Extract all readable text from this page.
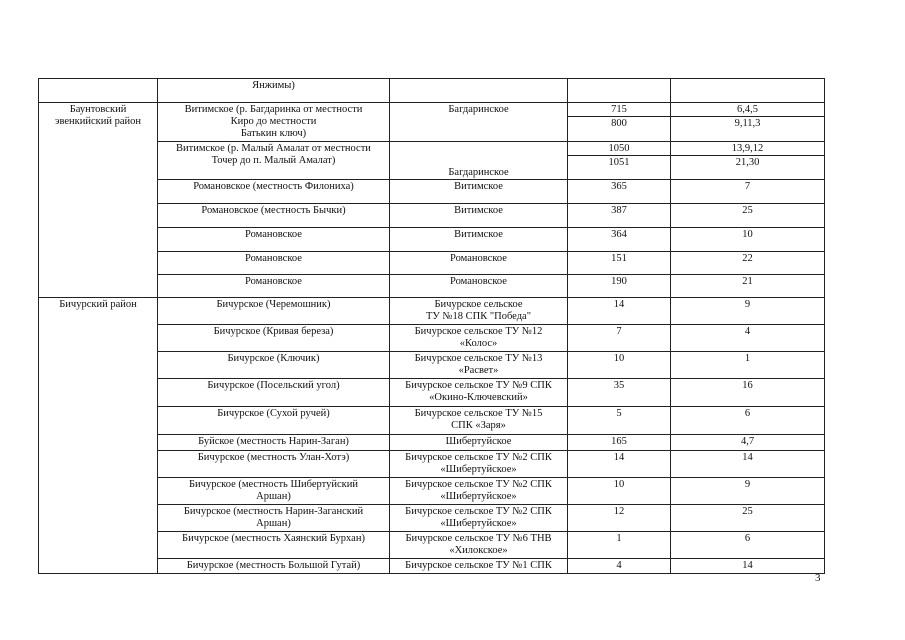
	Янжимы)			
Баунтовский
эвенкийский район	Витимское (р. Багдаринка от местности
Киро до местности
Батькин ключ)	Багдаринское	715	6,4,5
			800	9,11,3
	Витимское (р. Малый Амалат от местности
Точер до п. Малый Амалат)	Багдаринское	1050	13,9,12
			1051	21,30
	Романовское (местность Филониха)	Витимское	365	7
	Романовское (местность Бычки)	Витимское	387	25
	Романовское	Витимское	364	10
	Романовское	Романовское	151	22
	Романовское	Романовское	190	21
Бичурский район	Бичурское (Черемошник)	Бичурское сельское
ТУ №18 СПК "Победа"	14	9
	Бичурское (Кривая береза)	Бичурское сельское ТУ №12
«Колос»	7	4
	Бичурское (Ключик)	Бичурское сельское ТУ №13
«Расвет»	10	1
	Бичурское (Посельский угол)	Бичурское сельское ТУ №9 СПК
«Окино-Ключевский»	35	16
	Бичурское (Сухой ручей)	Бичурское сельское ТУ №15
СПК «Заря»	5	6
	Буйское (местность Нарин-Заган)	Шибертуйское	165	4,7
	Бичурское (местность Улан-Хотэ)	Бичурское сельское ТУ №2 СПК
«Шибертуйское»	14	14
	Бичурское (местность Шибертуйский
Аршан)	Бичурское сельское ТУ №2 СПК
«Шибертуйское»	10	9
	Бичурское (местность Нарин-Заганский
Аршан)	Бичурское сельское ТУ №2 СПК
«Шибертуйское»	12	25
	Бичурское (местность Хаянский Бурхан)	Бичурское сельское ТУ №6 ТНВ
«Хилокское»	1	6
	Бичурское (местность Большой Гутай)	Бичурское сельское ТУ №1 СПК	4	14
3
